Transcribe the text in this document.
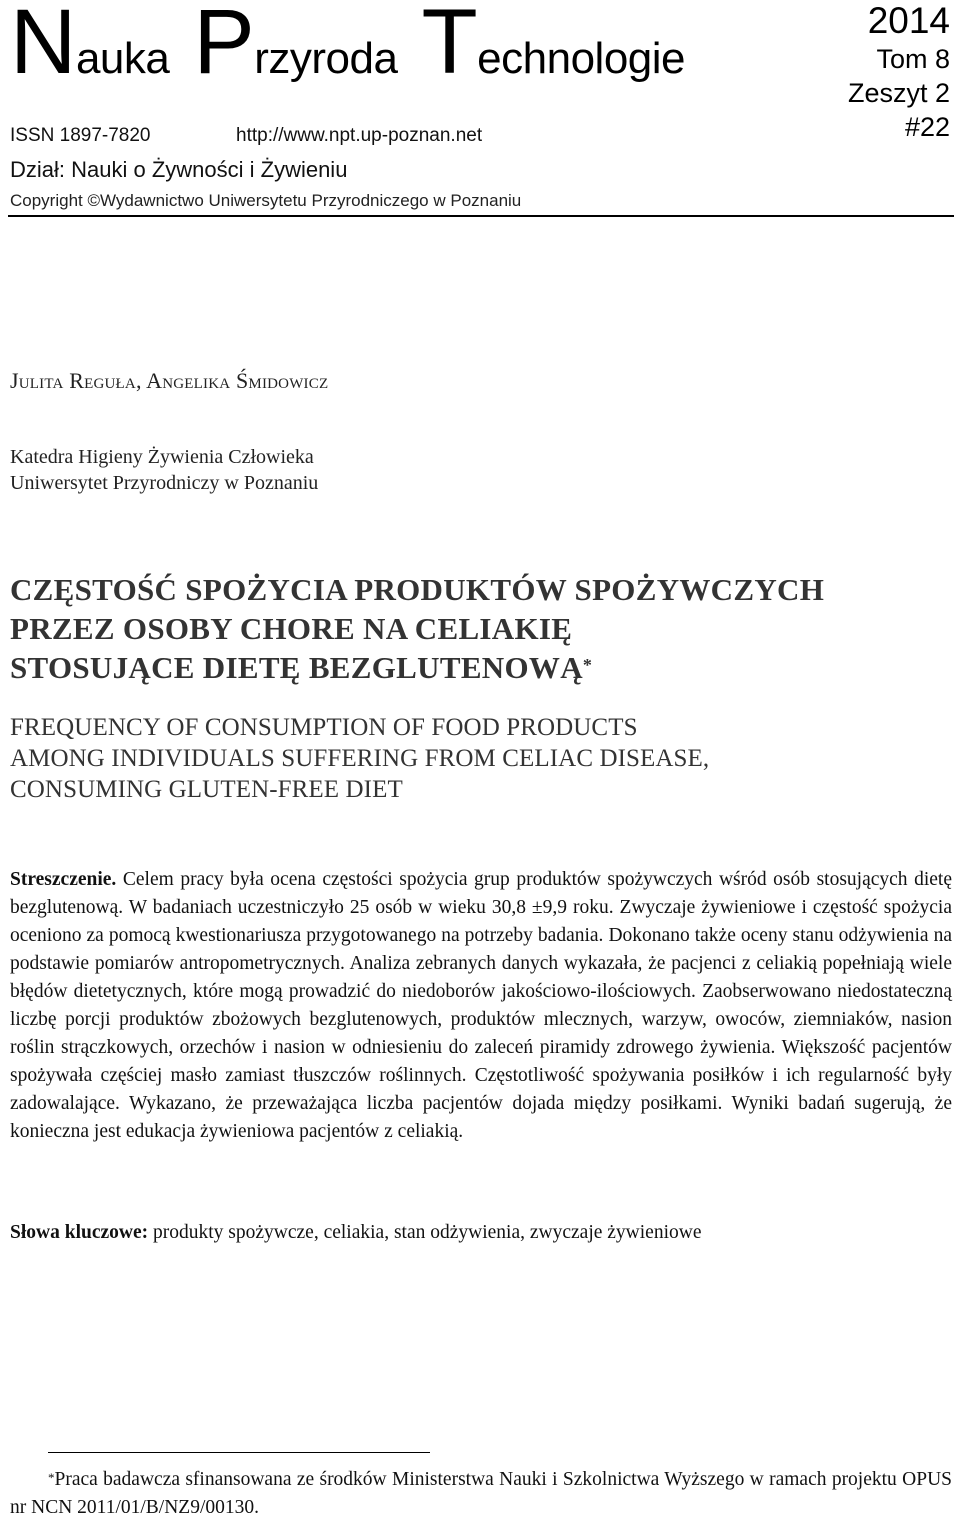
Nauka Przyroda Technologie
2014
Tom 8
Zeszyt 2
#22
ISSN 1897-7820	http://www.npt.up-poznan.net
Dział: Nauki o Żywności i Żywieniu
Copyright ©Wydawnictwo Uniwersytetu Przyrodniczego w Poznaniu
Julita Reguła, Angelika Śmidowicz
Katedra Higieny Żywienia Człowieka
Uniwersytet Przyrodniczy w Poznaniu
CZĘSTOŚĆ SPOŻYCIA PRODUKTÓW SPOŻYWCZYCH
PRZEZ OSOBY CHORE NA CELIAKIĘ
STOSUJĄCE DIETĘ BEZGLUTENOWĄ*
FREQUENCY OF CONSUMPTION OF FOOD PRODUCTS
AMONG INDIVIDUALS SUFFERING FROM CELIAC DISEASE,
CONSUMING GLUTEN-FREE DIET
Streszczenie. Celem pracy była ocena częstości spożycia grup produktów spożywczych wśród osób stosujących dietę bezglutenową. W badaniach uczestniczyło 25 osób w wieku 30,8 ±9,9 roku. Zwyczaje żywieniowe i częstość spożycia oceniono za pomocą kwestionariusza przygotowanego na potrzeby badania. Dokonano także oceny stanu odżywienia na podstawie pomiarów antropometrycznych. Analiza zebranych danych wykazała, że pacjenci z celiakią popełniają wiele błędów dietetycznych, które mogą prowadzić do niedoborów jakościowo-ilościowych. Zaobserwowano niedostateczną liczbę porcji produktów zbożowych bezglutenowych, produktów mlecznych, warzyw, owoców, ziemniaków, nasion roślin strączkowych, orzechów i nasion w odniesieniu do zaleceń piramidy zdrowego żywienia. Większość pacjentów spożywała częściej masło zamiast tłuszczów roślinnych. Częstotliwość spożywania posiłków i ich regularność były zadowalające. Wykazano, że przeważająca liczba pacjentów dojada między posiłkami. Wyniki badań sugerują, że konieczna jest edukacja żywieniowa pacjentów z celiakią.
Słowa kluczowe: produkty spożywcze, celiakia, stan odżywienia, zwyczaje żywieniowe
*Praca badawcza sfinansowana ze środków Ministerstwa Nauki i Szkolnictwa Wyższego w ramach projektu OPUS nr NCN 2011/01/B/NZ9/00130.
